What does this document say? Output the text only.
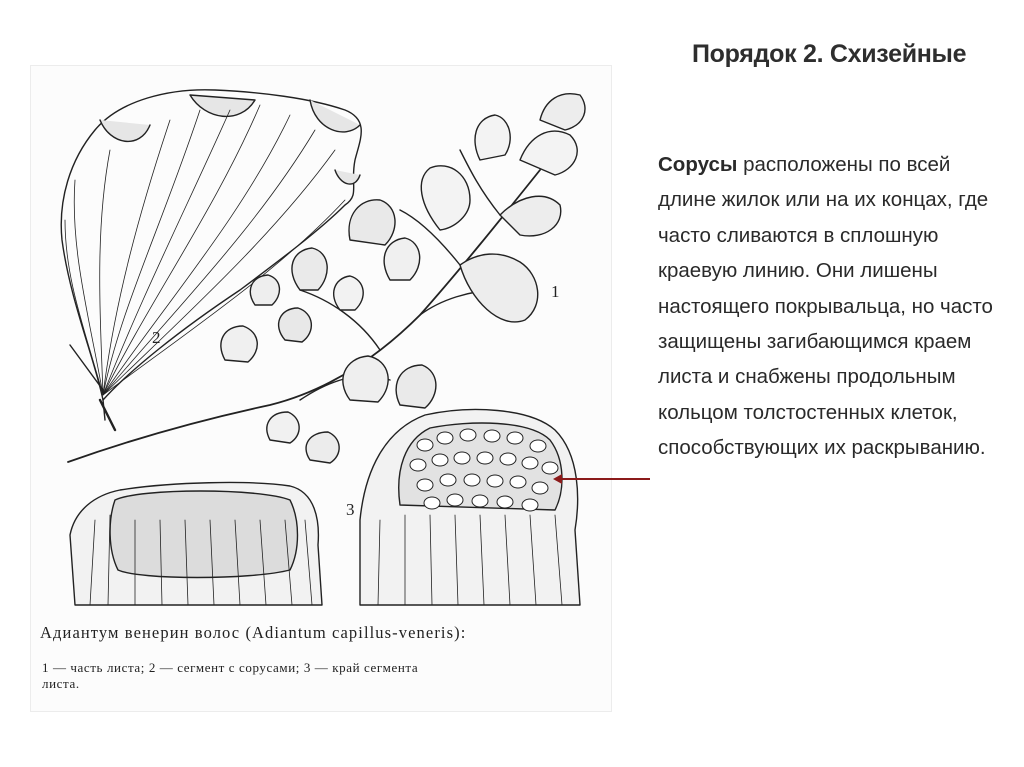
Порядок 2. Схизейные
Сорусы расположены по всей длине жилок или на их концах, где часто сливаются в сплошную краевую линию. Они лишены настоящего покрывальца, но часто защищены загибающимся краем листа и снабжены продольным кольцом толстостенных клеток, способствующих их раскрыванию.
2
1
3
Адиантум венерин волос (Adiantum capillus-veneris):
1 — часть листа; 2 — сегмент с сорусами; 3 — край сегмента
листа.
